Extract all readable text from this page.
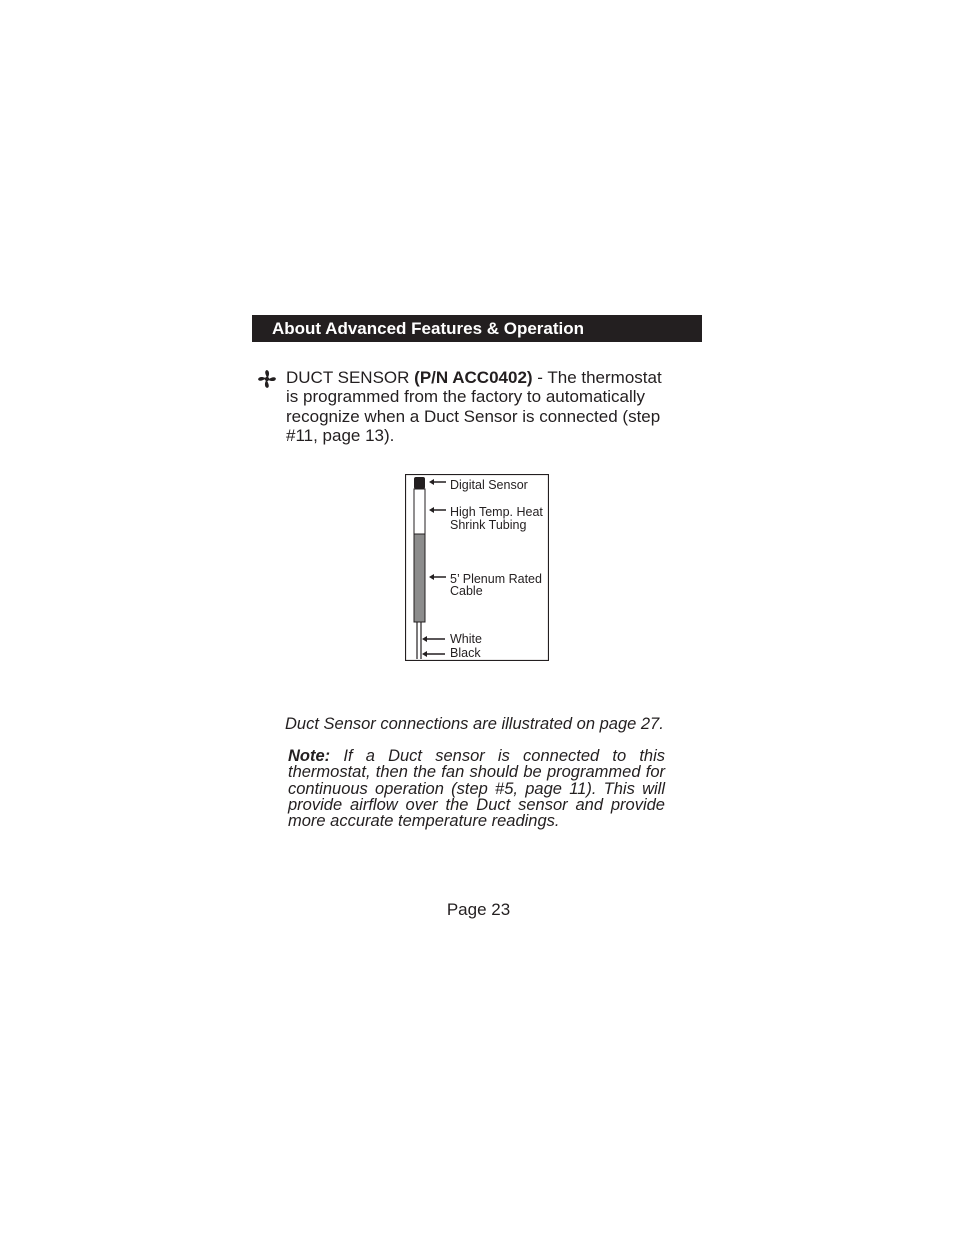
About Advanced Features & Operation
DUCT SENSOR (P/N ACC0402) - The thermostat is programmed from the factory to automatically recognize when a Duct Sensor is connected (step #11, page 13).
Digital Sensor
High Temp. Heat
Shrink Tubing
5’ Plenum Rated
Cable
White
Black
Duct Sensor connections are illustrated on page 27.
Note: If a Duct sensor is connected to this thermostat, then the fan should be programmed for continuous operation (step #5, page 11). This will provide airflow over the Duct sensor and provide more accurate temperature readings.
Page 23
